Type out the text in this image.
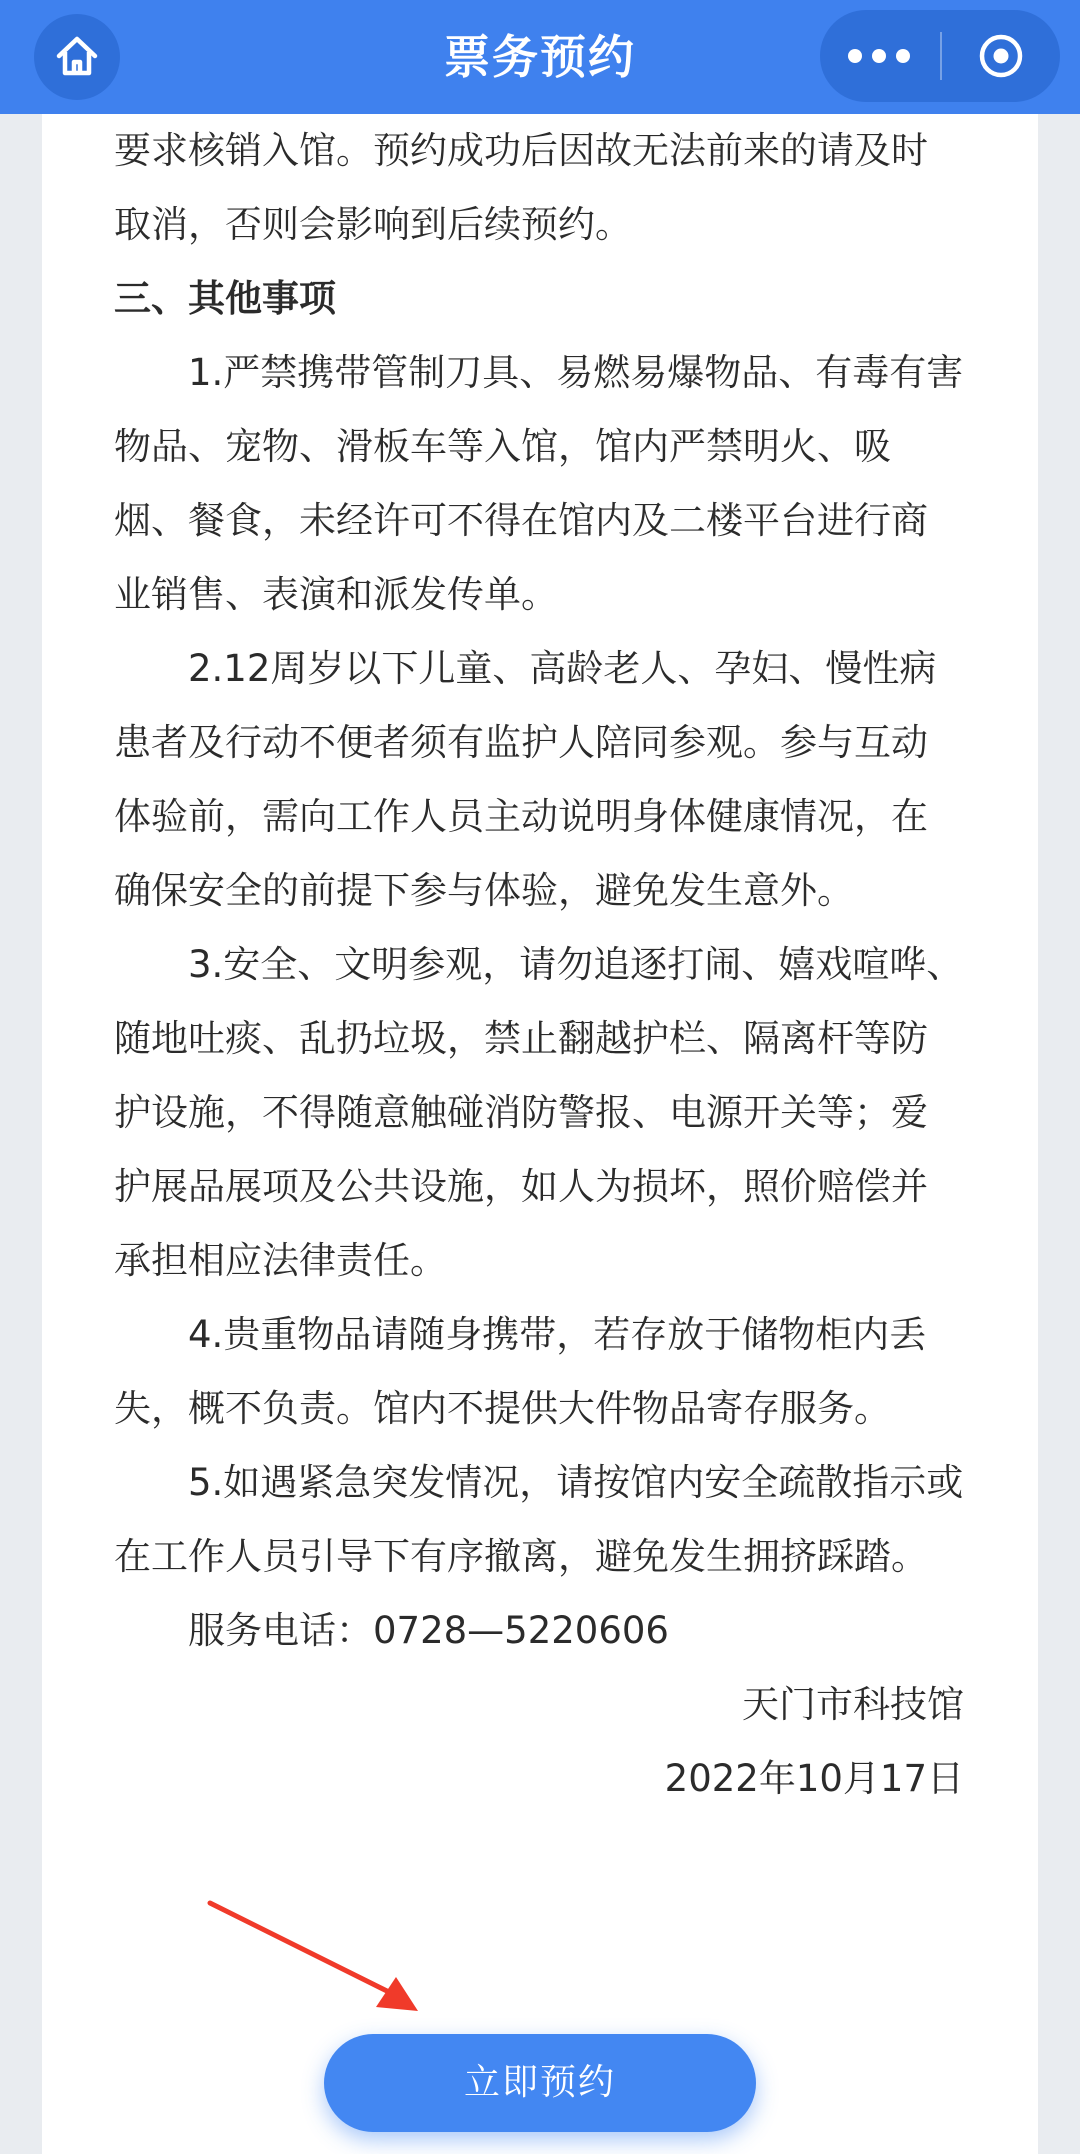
票务预约

要求核销入馆。预约成功后因故无法前来的请及时取消，否则会影响到后续预约。

三、其他事项

1.严禁携带管制刀具、易燃易爆物品、有毒有害物品、宠物、滑板车等入馆，馆内严禁明火、吸烟、餐食，未经许可不得在馆内及二楼平台进行商业销售、表演和派发传单。

2.12周岁以下儿童、高龄老人、孕妇、慢性病患者及行动不便者须有监护人陪同参观。参与互动体验前，需向工作人员主动说明身体健康情况，在确保安全的前提下参与体验，避免发生意外。

3.安全、文明参观，请勿追逐打闹、嬉戏喧哗、随地吐痰、乱扔垃圾，禁止翻越护栏、隔离杆等防护设施，不得随意触碰消防警报、电源开关等；爱护展品展项及公共设施，如人为损坏，照价赔偿并承担相应法律责任。

4.贵重物品请随身携带，若存放于储物柜内丢失，概不负责。馆内不提供大件物品寄存服务。

5.如遇紧急突发情况，请按馆内安全疏散指示或在工作人员引导下有序撤离，避免发生拥挤踩踏。

服务电话：0728—5220606

天门市科技馆

2022年10月17日

立即预约
